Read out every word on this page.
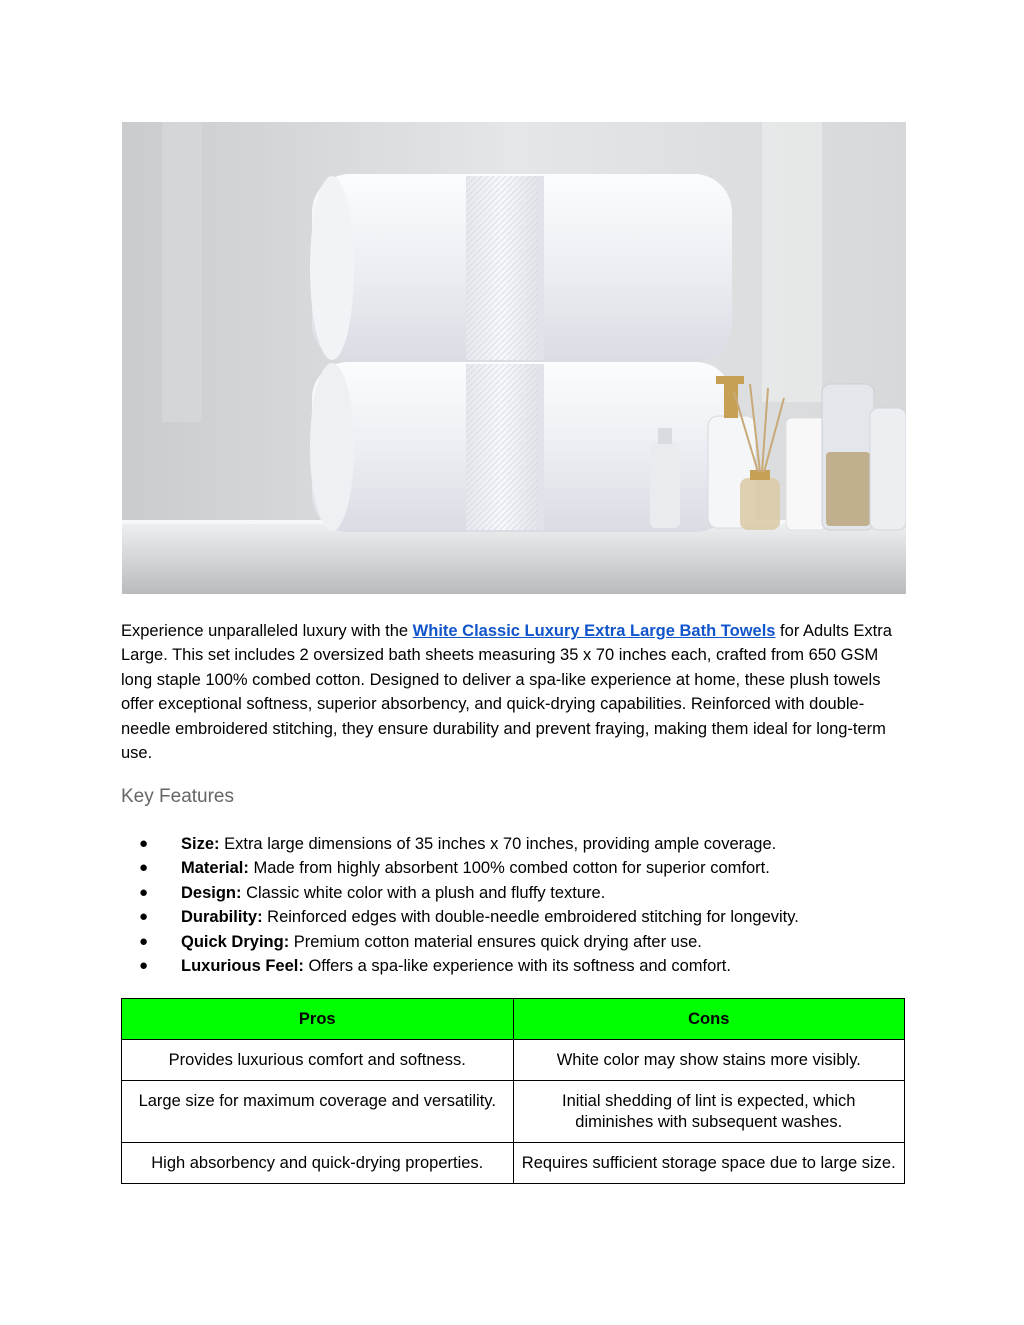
Experience unparalleled luxury with the White Classic Luxury Extra Large Bath Towels for Adults Extra Large. This set includes 2 oversized bath sheets measuring 35 x 70 inches each, crafted from 650 GSM long staple 100% combed cotton. Designed to deliver a spa-like experience at home, these plush towels offer exceptional softness, superior absorbency, and quick-drying capabilities. Reinforced with double-needle embroidered stitching, they ensure durability and prevent fraying, making them ideal for long-term use.

Key Features
● Size: Extra large dimensions of 35 inches x 70 inches, providing ample coverage.
● Material: Made from highly absorbent 100% combed cotton for superior comfort.
● Design: Classic white color with a plush and fluffy texture.
● Durability: Reinforced edges with double-needle embroidered stitching for longevity.
● Quick Drying: Premium cotton material ensures quick drying after use.
● Luxurious Feel: Offers a spa-like experience with its softness and comfort.
Pros	Cons
Provides luxurious comfort and softness.	White color may show stains more visibly.
Large size for maximum coverage and versatility.	Initial shedding of lint is expected, which diminishes with subsequent washes.
High absorbency and quick-drying properties.	Requires sufficient storage space due to large size.
